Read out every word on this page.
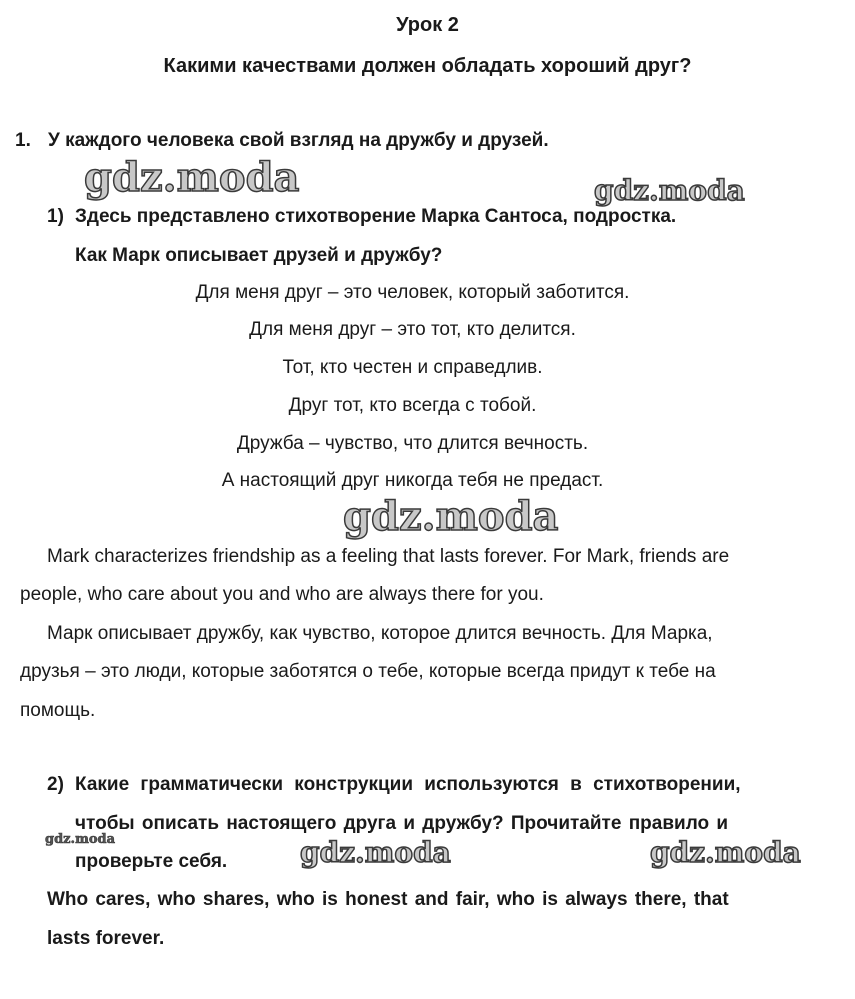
Урок 2
Какими качествами должен обладать хороший друг?
1. У каждого человека свой взгляд на дружбу и друзей.
gdz.moda	gdz.moda
1) Здесь представлено стихотворение Марка Сантоса, подростка.
Как Марк описывает друзей и дружбу?
Для меня друг – это человек, который заботится.
Для меня друг – это тот, кто делится.
Тот, кто честен и справедлив.
Друг тот, кто всегда с тобой.
Дружба – чувство, что длится вечность.
А настоящий друг никогда тебя не предаст.
gdz.moda
Mark characterizes friendship as a feeling that lasts forever. For Mark, friends are
people, who care about you and who are always there for you.
Марк описывает дружбу, как чувство, которое длится вечность. Для Марка,
друзья – это люди, которые заботятся о тебе, которые всегда придут к тебе на
помощь.
2) Какие грамматически конструкции используются в стихотворении,
чтобы описать настоящего друга и дружбу? Прочитайте правило и
проверьте себя.
gdz.moda	gdz.moda	gdz.moda
Who cares, who shares, who is honest and fair, who is always there, that
lasts forever.
